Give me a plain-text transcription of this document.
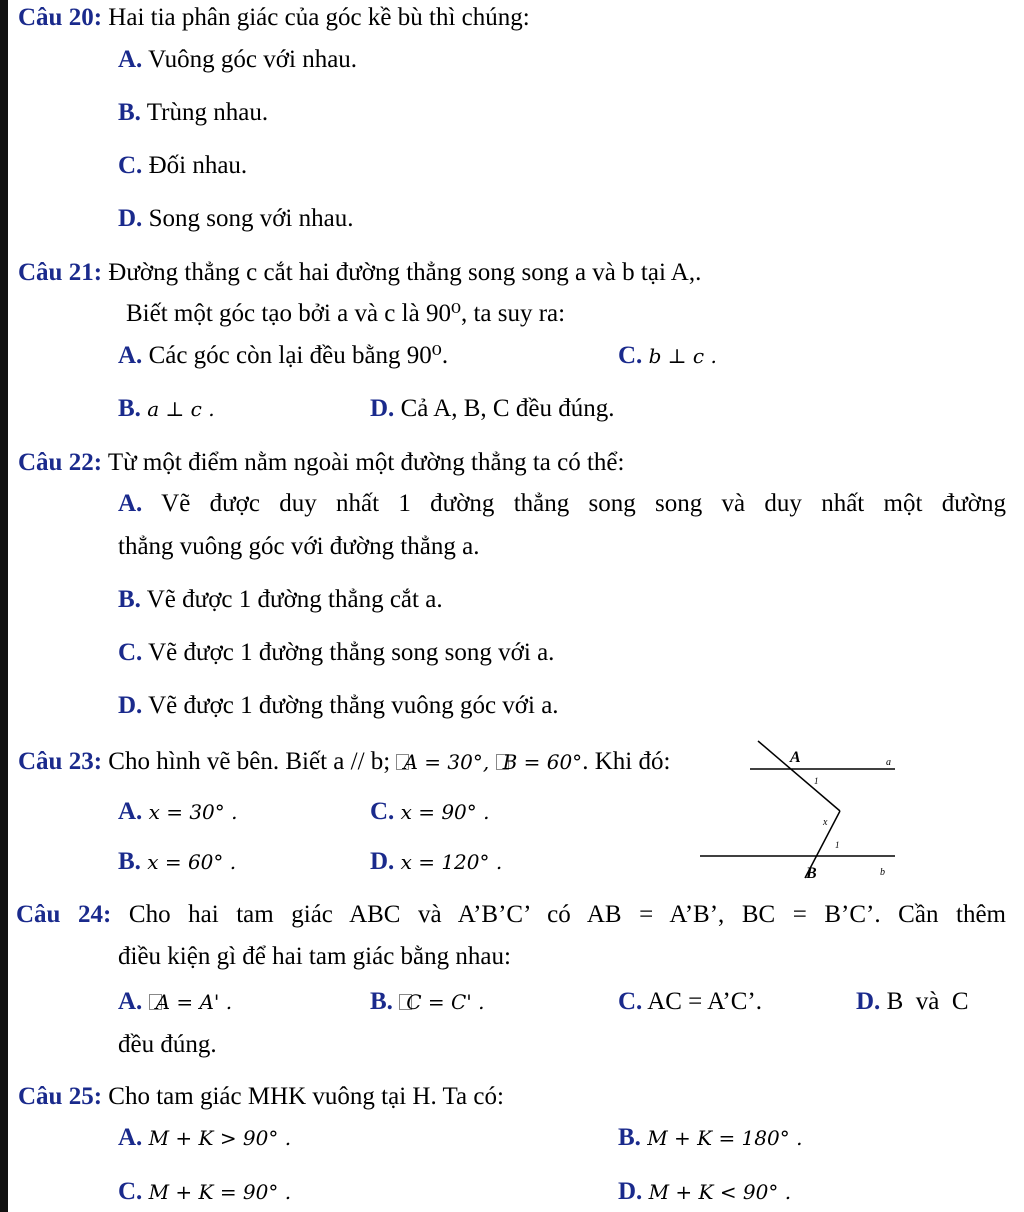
Câu 20: Hai tia phân giác của góc kề bù thì chúng:
A. Vuông góc với nhau.
B. Trùng nhau.
C. Đối nhau.
D. Song song với nhau.
Câu 21: Đường thẳng c cắt hai đường thẳng song song a và b tại A,.
Biết một góc tạo bởi a và c là 90⁰, ta suy ra:
A. Các góc còn lại đều bằng 90⁰.	C. b ⊥ c .
B. a ⊥ c .	D. Cả A, B, C đều đúng.
Câu 22: Từ một điểm nằm ngoài một đường thẳng ta có thể:
A. Vẽ được duy nhất 1 đường thẳng song song và duy nhất một đường
thẳng vuông góc với đường thẳng a.
B. Vẽ được 1 đường thẳng cắt a.
C. Vẽ được 1 đường thẳng song song với a.
D. Vẽ được 1 đường thẳng vuông góc với a.
Câu 23: Cho hình vẽ bên. Biết a // b; A = 30°, B = 60°. Khi đó:
A. x = 30° .	C. x = 90° .
B. x = 60° .	D. x = 120° .
A	a
1
x
1
B	b
Câu 24: Cho hai tam giác ABC và A’B’C’ có AB = A’B’, BC = B’C’. Cần thêm
điều kiện gì để hai tam giác bằng nhau:
A. A = A' .	B. C = C' .	C. AC = A’C’.	D. B  và  C
đều đúng.
Câu 25: Cho tam giác MHK vuông tại H. Ta có:
A. M + K > 90° .	B. M + K = 180° .
C. M + K = 90° .	D. M + K < 90° .
